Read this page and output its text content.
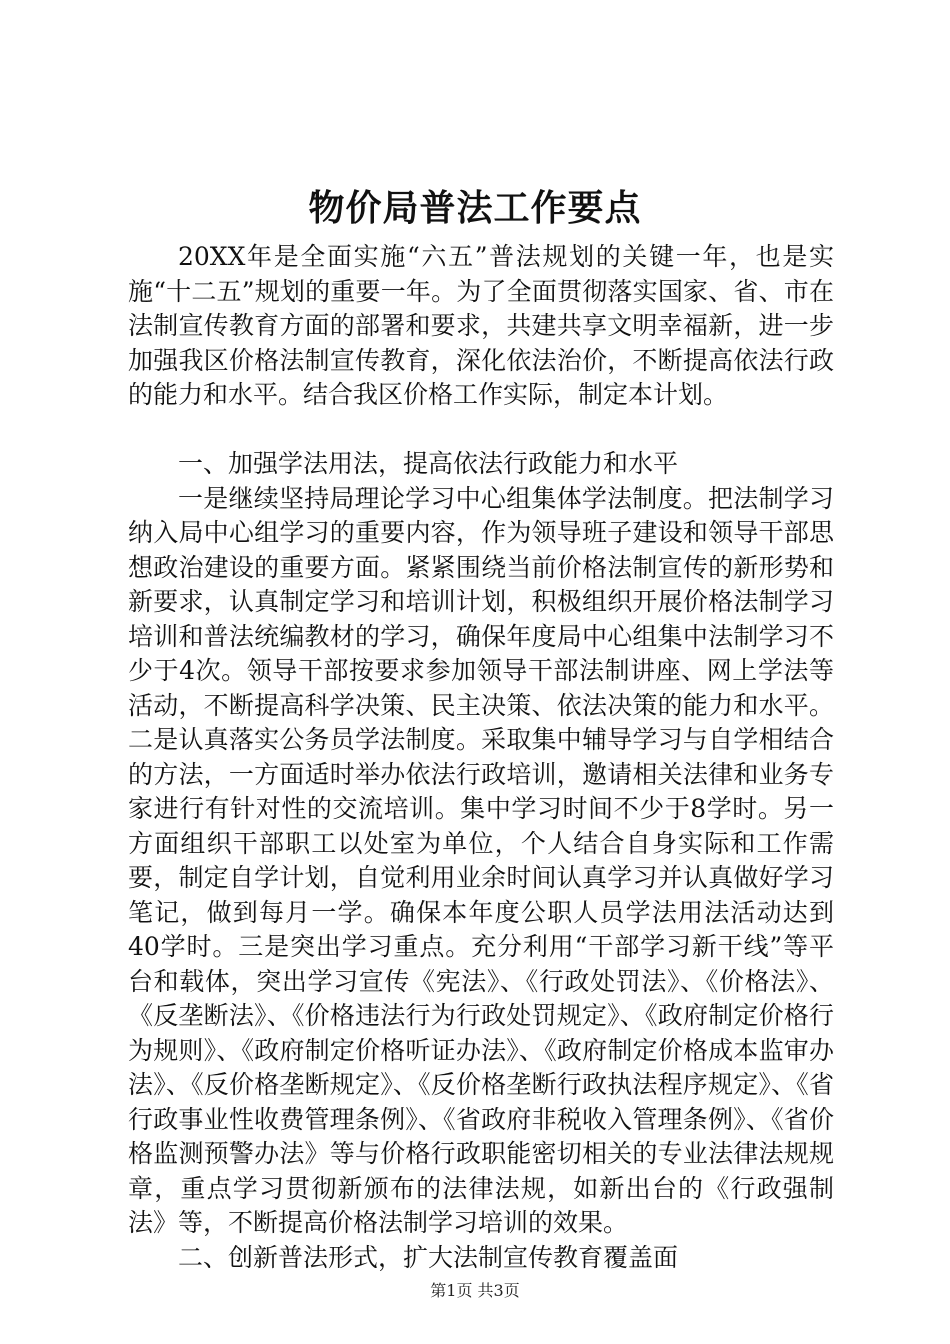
物价局普法工作要点

20XX年是全面实施“六五”普法规划的关键一年，也是实施“十二五”规划的重要一年。为了全面贯彻落实国家、省、市在法制宣传教育方面的部署和要求，共建共享文明幸福新，进一步加强我区价格法制宣传教育，深化依法治价，不断提高依法行政的能力和水平。结合我区价格工作实际，制定本计划。

一、加强学法用法，提高依法行政能力和水平

一是继续坚持局理论学习中心组集体学法制度。把法制学习纳入局中心组学习的重要内容，作为领导班子建设和领导干部思想政治建设的重要方面。紧紧围绕当前价格法制宣传的新形势和新要求，认真制定学习和培训计划，积极组织开展价格法制学习培训和普法统编教材的学习，确保年度局中心组集中法制学习不少于4次。领导干部按要求参加领导干部法制讲座、网上学法等活动，不断提高科学决策、民主决策、依法决策的能力和水平。二是认真落实公务员学法制度。采取集中辅导学习与自学相结合的方法，一方面适时举办依法行政培训，邀请相关法律和业务专家进行有针对性的交流培训。集中学习时间不少于8学时。另一方面组织干部职工以处室为单位，个人结合自身实际和工作需要，制定自学计划，自觉利用业余时间认真学习并认真做好学习笔记，做到每月一学。确保本年度公职人员学法用法活动达到40学时。三是突出学习重点。充分利用“干部学习新干线”等平台和载体，突出学习宣传《宪法》、《行政处罚法》、《价格法》、《反垄断法》、《价格违法行为行政处罚规定》、《政府制定价格行为规则》、《政府制定价格听证办法》、《政府制定价格成本监审办法》、《反价格垄断规定》、《反价格垄断行政执法程序规定》、《省行政事业性收费管理条例》、《省政府非税收入管理条例》、《省价格监测预警办法》等与价格行政职能密切相关的专业法律法规规章，重点学习贯彻新颁布的法律法规，如新出台的《行政强制法》等，不断提高价格法制学习培训的效果。

二、创新普法形式，扩大法制宣传教育覆盖面

第1页 共3页
